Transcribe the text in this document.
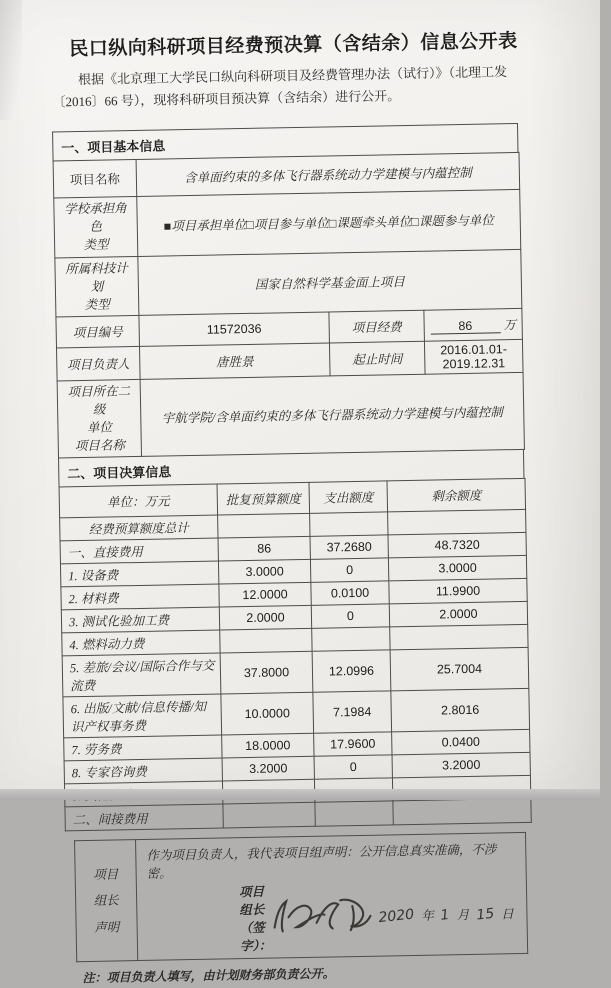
民口纵向科研项目经费预决算（含结余）信息公开表
根据《北京理工大学民口纵向科研项目及经费管理办法（试行）》（北理工发〔2016〕66 号），现将科研项目预决算（含结余）进行公开。
一、项目基本信息
项目名称	含单面约束的多体飞行器系统动力学建模与内蕴控制		
学校承担角色
类型	■项目承担单位□项目参与单位□课题牵头单位□课题参与单位		
所属科技计划
类型	国家自然科学基金面上项目		
项目编号	11572036	项目经费	86 万
项目负责人	唐胜景	起止时间	2016.01.01-2019.12.31
项目所在二级
单位
项目名称	宇航学院/含单面约束的多体飞行器系统动力学建模与内蕴控制		
二、项目决算信息
单位：万元	批复预算额度	支出额度	剩余额度
经费预算额度总计			
一、直接费用	86	37.2680	48.7320
1. 设备费	3.0000	0	3.0000
2. 材料费	12.0000	0.0100	11.9900
3. 测试化验加工费	2.0000	0	2.0000
4. 燃料动力费			
5. 差旅/会议/国际合作与交流费	37.8000	12.0996	25.7004
6. 出版/文献/信息传播/知识产权事务费	10.0000	7.1984	2.8016
7. 劳务费	18.0000	17.9600	0.0400
8. 专家咨询费	3.2000	0	3.2000

二、间接费用			
项目
组长
声明	
作为项目负责人，我代表项目组声明：公开信息真实准确，不涉密。
项目组长（签字）：
2020 年 1 月 15 日
注：项目负责人填写，由计划财务部负责公开。
